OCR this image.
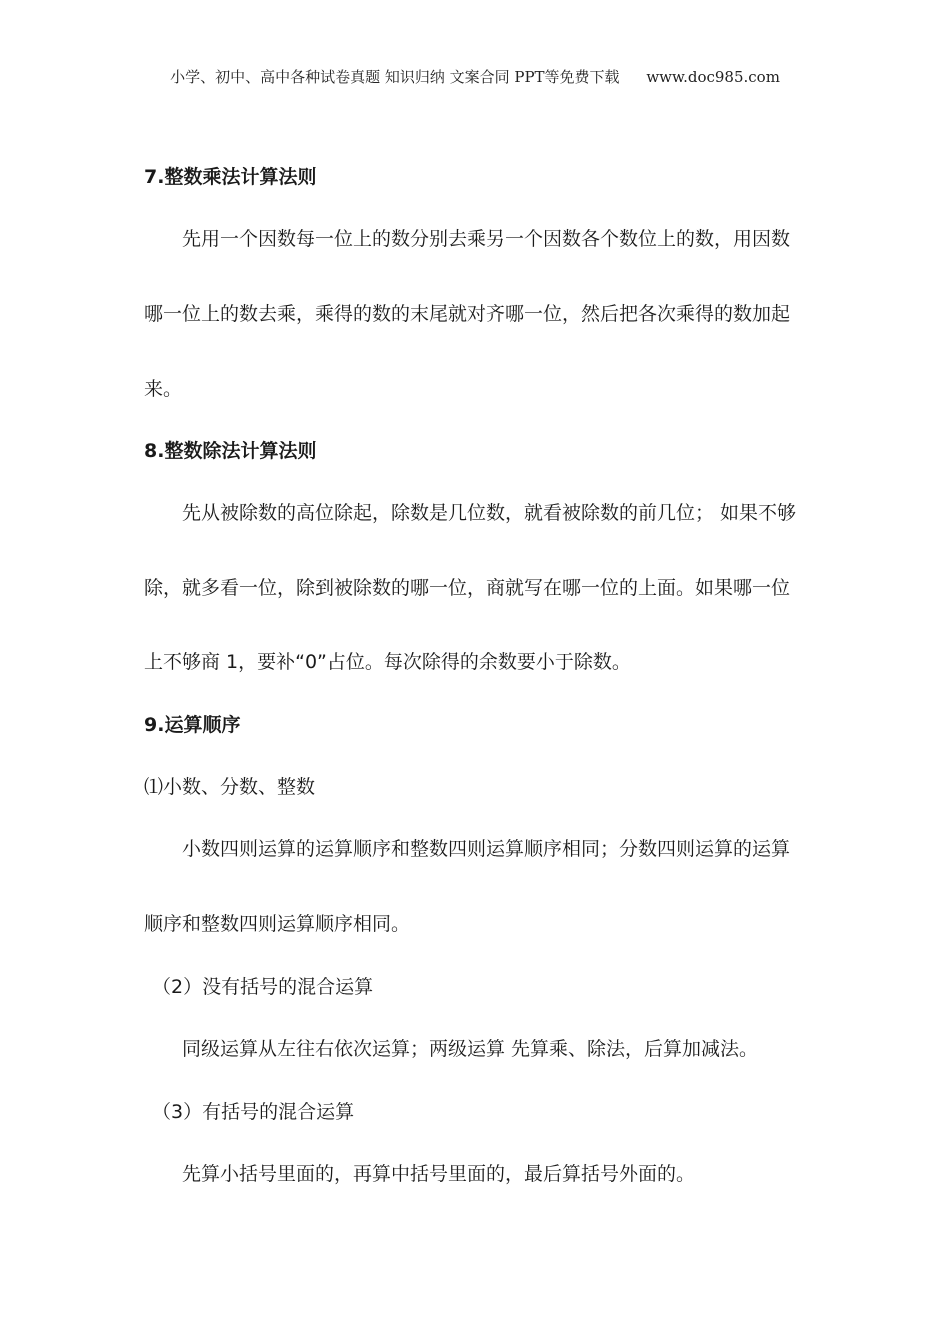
小学、初中、高中各种试卷真题 知识归纳 文案合同 PPT等免费下载 www.doc985.com
7.整数乘法计算法则
先用一个因数每一位上的数分别去乘另一个因数各个数位上的数，用因数
哪一位上的数去乘，乘得的数的末尾就对齐哪一位，然后把各次乘得的数加起
来。
8.整数除法计算法则
先从被除数的高位除起，除数是几位数，就看被除数的前几位； 如果不够
除，就多看一位，除到被除数的哪一位，商就写在哪一位的上面。如果哪一位
上不够商 1，要补“0”占位。每次除得的余数要小于除数。
9.运算顺序
⑴小数、分数、整数
小数四则运算的运算顺序和整数四则运算顺序相同；分数四则运算的运算
顺序和整数四则运算顺序相同。
（2）没有括号的混合运算
同级运算从左往右依次运算；两级运算 先算乘、除法，后算加减法。
（3）有括号的混合运算
先算小括号里面的，再算中括号里面的，最后算括号外面的。
